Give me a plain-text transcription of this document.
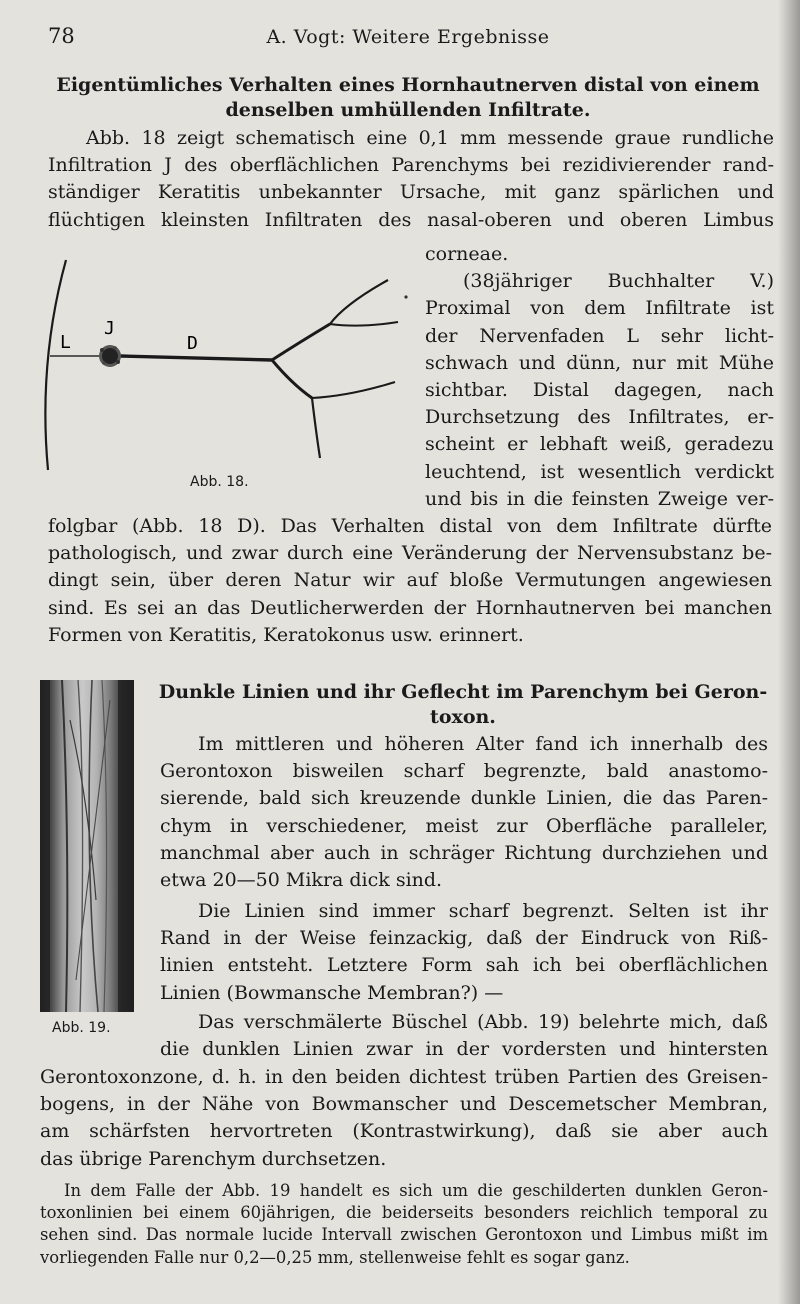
78	A. Vogt: Weitere Ergebnisse
Eigentümliches Verhalten eines Hornhautnerven distal von einem
denselben umhüllenden Infiltrate.
Abb. 18 zeigt schematisch eine 0,1 mm messende graue rundliche
Infiltration J des oberflächlichen Parenchyms bei rezidivierender rand-
ständiger Keratitis unbekannter Ursache, mit ganz spärlichen und
flüchtigen kleinsten Infiltraten des nasal-oberen und oberen Limbus
L
J
D
Abb. 18.
corneae.
(38jähriger Buchhalter V.)
Proximal von dem Infiltrate ist
der Nervenfaden L sehr licht-
schwach und dünn, nur mit Mühe
sichtbar. Distal dagegen, nach
Durchsetzung des Infiltrates, er-
scheint er lebhaft weiß, geradezu
leuchtend, ist wesentlich verdickt
und bis in die feinsten Zweige ver-
folgbar (Abb. 18 D). Das Verhalten distal von dem Infiltrate dürfte
pathologisch, und zwar durch eine Veränderung der Nervensubstanz be-
dingt sein, über deren Natur wir auf bloße Vermutungen angewiesen
sind. Es sei an das Deutlicherwerden der Hornhautnerven bei manchen
Formen von Keratitis, Keratokonus usw. erinnert.
Abb. 19.
Dunkle Linien und ihr Geflecht im Parenchym bei Geron-
toxon.
Im mittleren und höheren Alter fand ich innerhalb des
Gerontoxon bisweilen scharf begrenzte, bald anastomo-
sierende, bald sich kreuzende dunkle Linien, die das Paren-
chym in verschiedener, meist zur Oberfläche paralleler,
manchmal aber auch in schräger Richtung durchziehen und
etwa 20—50 Mikra dick sind.
Die Linien sind immer scharf begrenzt. Selten ist ihr
Rand in der Weise feinzackig, daß der Eindruck von Riß-
linien entsteht. Letztere Form sah ich bei oberflächlichen
Linien (Bowmansche Membran?) —
Das verschmälerte Büschel (Abb. 19) belehrte mich, daß
die dunklen Linien zwar in der vordersten und hintersten
Gerontoxonzone, d. h. in den beiden dichtest trüben Partien des Greisen-
bogens, in der Nähe von Bowmanscher und Descemetscher Membran,
am schärfsten hervortreten (Kontrastwirkung), daß sie aber auch
das übrige Parenchym durchsetzen.
In dem Falle der Abb. 19 handelt es sich um die geschilderten dunklen Geron-
toxonlinien bei einem 60jährigen, die beiderseits besonders reichlich temporal zu
sehen sind. Das normale lucide Intervall zwischen Gerontoxon und Limbus mißt im
vorliegenden Falle nur 0,2—0,25 mm, stellenweise fehlt es sogar ganz.
